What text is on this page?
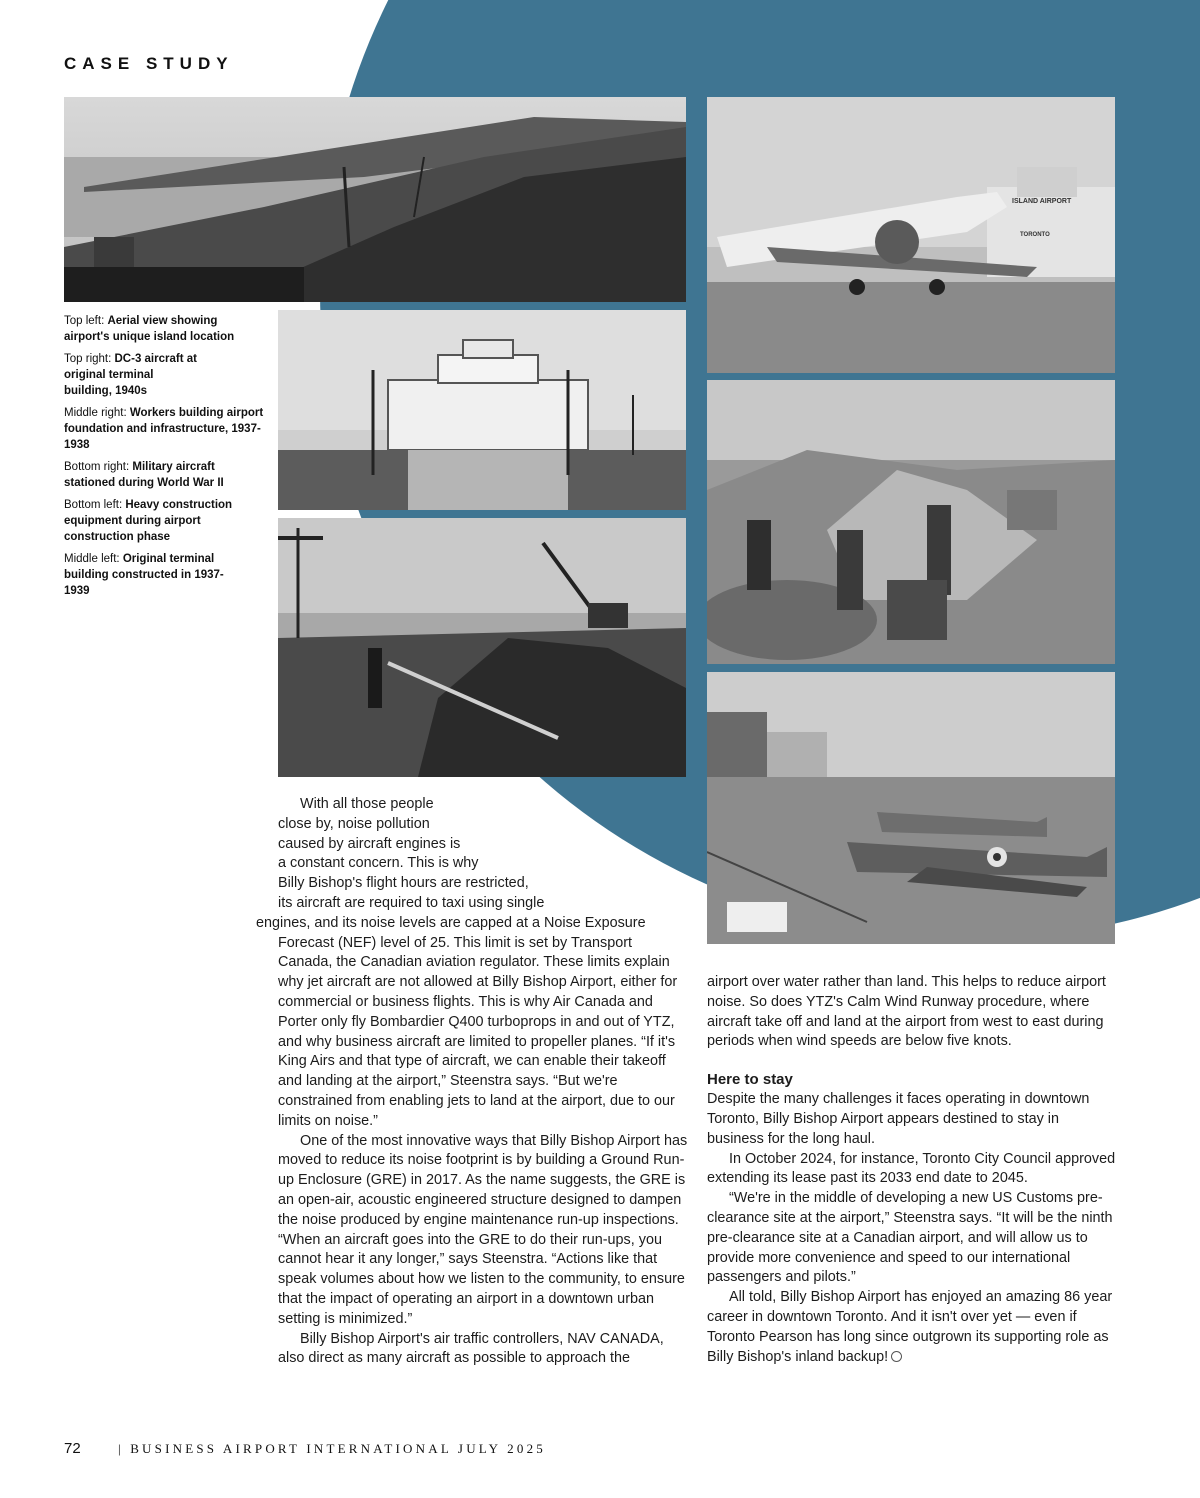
CASE STUDY
Top left: Aerial view showing airport's unique island location
Top right: DC-3 aircraft at original terminal building, 1940s
Middle right: Workers building airport foundation and infrastructure, 1937-1938
Bottom right: Military aircraft stationed during World War II
Bottom left: Heavy construction equipment during airport construction phase
Middle left: Original terminal building constructed in 1937-1939
ISLAND AIRPORT
TORONTO

With all those people
close by, noise pollution
caused by aircraft engines is
a constant concern. This is why
Billy Bishop's flight hours are restricted,
its aircraft are required to taxi using single
engines, and its noise levels are capped at a Noise Exposure Forecast (NEF) level of 25. This limit is set by Transport Canada, the Canadian aviation regulator. These limits explain why jet aircraft are not allowed at Billy Bishop Airport, either for commercial or business flights. This is why Air Canada and Porter only fly Bombardier Q400 turboprops in and out of YTZ, and why business aircraft are limited to propeller planes. “If it's King Airs and that type of aircraft, we can enable their takeoff and landing at the airport,” Steenstra says. “But we're constrained from enabling jets to land at the airport, due to our limits on noise.”

One of the most innovative ways that Billy Bishop Airport has moved to reduce its noise footprint is by building a Ground Run-up Enclosure (GRE) in 2017. As the name suggests, the GRE is an open-air, acoustic engineered structure designed to dampen the noise produced by engine maintenance run-up inspections. “When an aircraft goes into the GRE to do their run-ups, you cannot hear it any longer,” says Steenstra. “Actions like that speak volumes about how we listen to the community, to ensure that the impact of operating an airport in a downtown urban setting is minimized.”

Billy Bishop Airport's air traffic controllers, NAV CANADA, also direct as many aircraft as possible to approach the

airport over water rather than land. This helps to reduce airport noise. So does YTZ's Calm Wind Runway procedure, where aircraft take off and land at the airport from west to east during periods when wind speeds are below five knots.

Here to stay

Despite the many challenges it faces operating in downtown Toronto, Billy Bishop Airport appears destined to stay in business for the long haul.

In October 2024, for instance, Toronto City Council approved extending its lease past its 2033 end date to 2045.

“We're in the middle of developing a new US Customs pre-clearance site at the airport,” Steenstra says. “It will be the ninth pre-clearance site at a Canadian airport, and will allow us to provide more convenience and speed to our international passengers and pilots.”

All told, Billy Bishop Airport has enjoyed an amazing 86 year career in downtown Toronto. And it isn't over yet — even if Toronto Pearson has long since outgrown its supporting role as Billy Bishop's inland backup!

72	| BUSINESS AIRPORT INTERNATIONAL JULY 2025
